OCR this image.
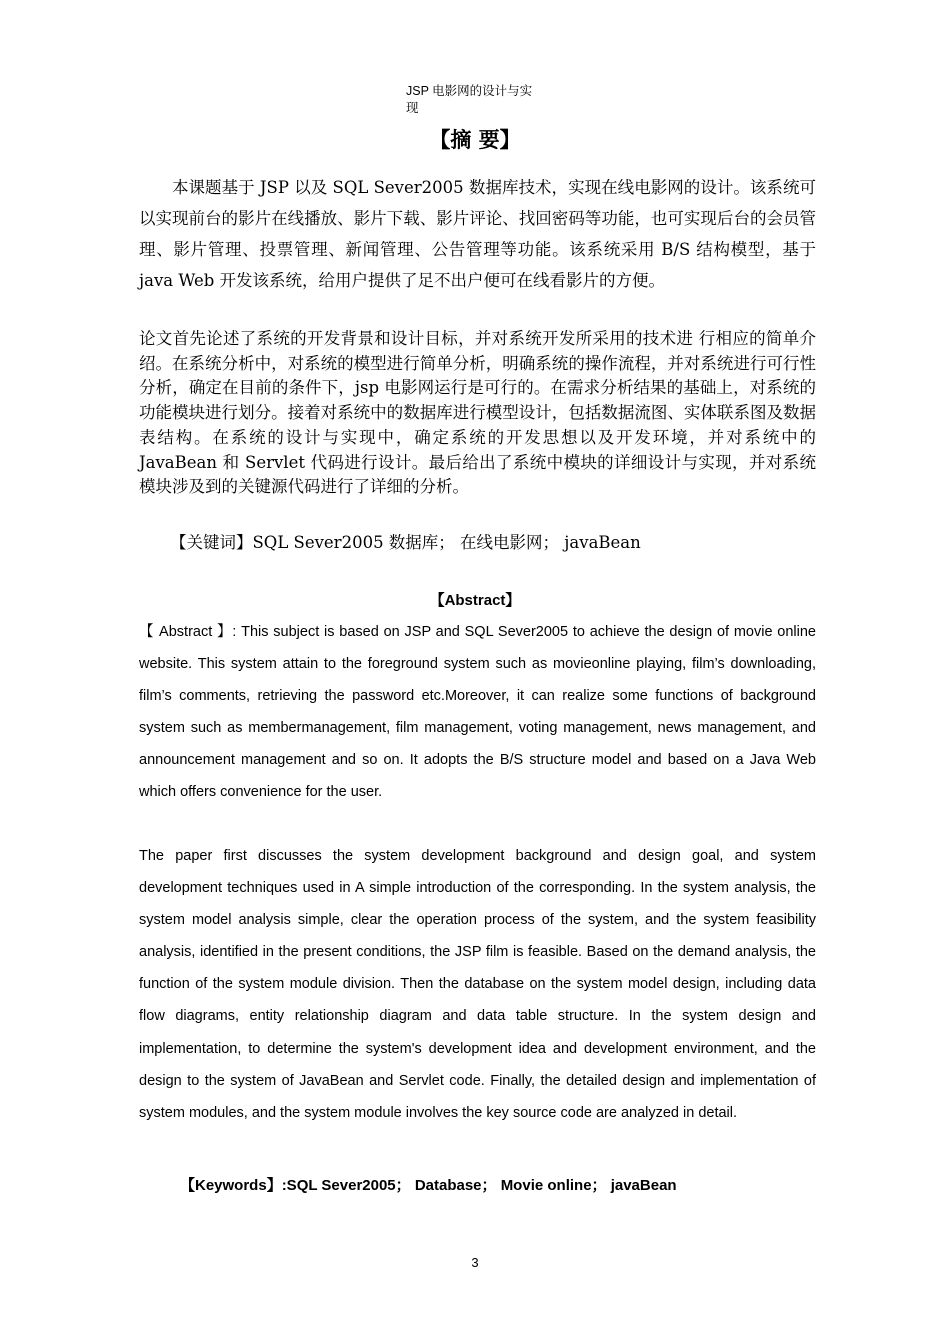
JSP 电影网的设计与实
现
【摘 要】
本课题基于 JSP 以及 SQL Sever2005 数据库技术，实现在线电影网的设计。该系统可以实现前台的影片在线播放、影片下载、影片评论、找回密码等功能，也可实现后台的会员管理、影片管理、投票管理、新闻管理、公告管理等功能。该系统采用 B/S 结构模型，基于 java Web 开发该系统，给用户提供了足不出户便可在线看影片的方便。
论文首先论述了系统的开发背景和设计目标，并对系统开发所采用的技术进 行相应的简单介绍。在系统分析中，对系统的模型进行简单分析，明确系统的操作流程，并对系统进行可行性分析，确定在目前的条件下，jsp 电影网运行是可行的。在需求分析结果的基础上，对系统的功能模块进行划分。接着对系统中的数据库进行模型设计，包括数据流图、实体联系图及数据表结构。在系统的设计与实现中，确定系统的开发思想以及开发环境，并对系统中的 JavaBean 和 Servlet 代码进行设计。最后给出了系统中模块的详细设计与实现，并对系统模块涉及到的关键源代码进行了详细的分析。
【关键词】SQL Sever2005 数据库； 在线电影网； javaBean
【Abstract】
【 Abstract 】: This subject is based on JSP and SQL Sever2005 to achieve the design of movie online website. This system attain to the foreground system such as movieonline playing, film’s downloading, film’s comments, retrieving the password etc.Moreover, it can realize some functions of background system such as membermanagement, film management, voting management, news management, and announcement management and so on. It adopts the B/S structure model and based on a Java Web which offers convenience for the user.
The paper first discusses the system development background and design goal, and system development techniques used in A simple introduction of the corresponding. In the system analysis, the system model analysis simple, clear the operation process of the system, and the system feasibility analysis, identified in the present conditions, the JSP film is feasible. Based on the demand analysis, the function of the system module division. Then the database on the system model design, including data flow diagrams, entity relationship diagram and data table structure. In the system design and implementation, to determine the system's development idea and development environment, and the design to the system of JavaBean and Servlet code. Finally, the detailed design and implementation of system modules, and the system module involves the key source code are analyzed in detail.
【Keywords】:SQL Sever2005； Database； Movie online； javaBean
3
